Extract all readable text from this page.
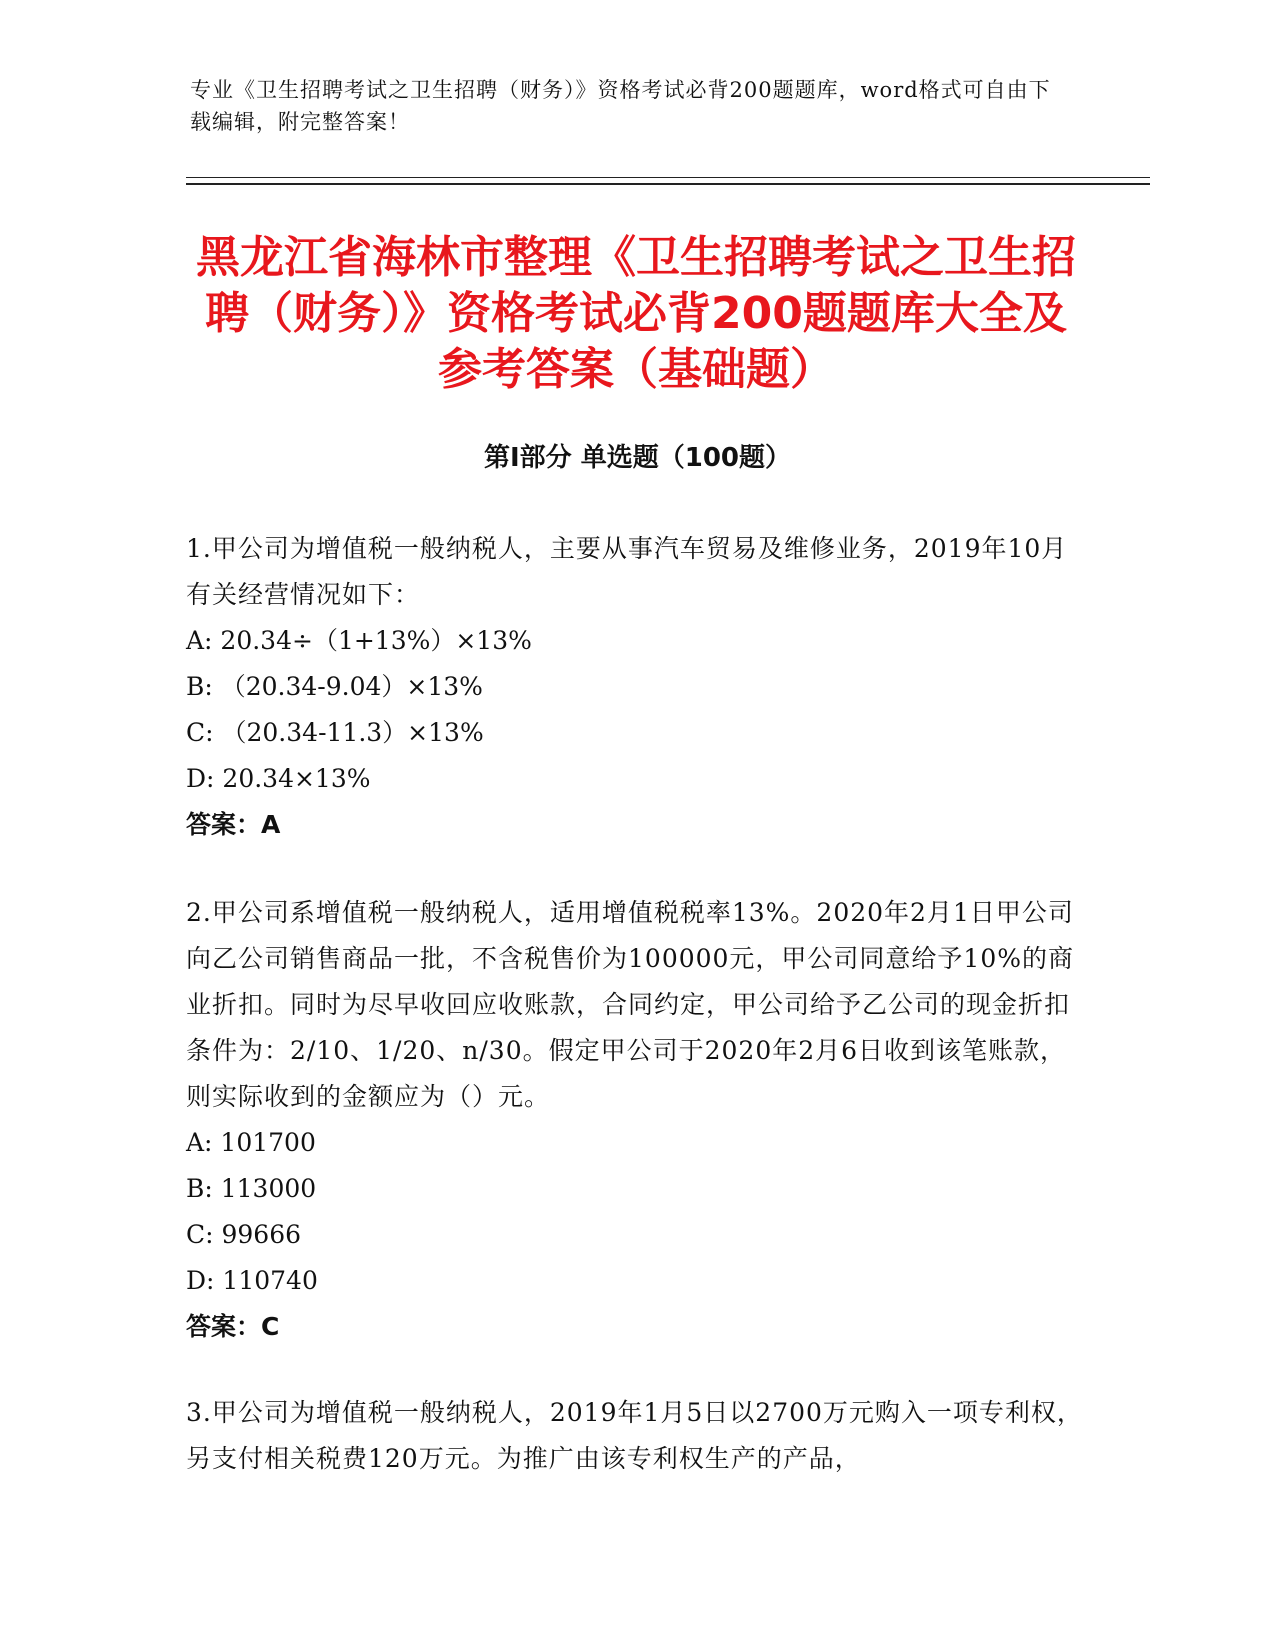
专业《卫生招聘考试之卫生招聘（财务）》资格考试必背200题题库，word格式可自由下载编辑，附完整答案！
黑龙江省海林市整理《卫生招聘考试之卫生招聘（财务）》资格考试必背200题题库大全及参考答案（基础题）
第I部分 单选题（100题）

1.甲公司为增值税一般纳税人，主要从事汽车贸易及维修业务，2019年10月有关经营情况如下：

A: 20.34÷（1+13%）×13%

B: （20.34-9.04）×13%

C: （20.34-11.3）×13%

D: 20.34×13%

答案：A

2.甲公司系增值税一般纳税人，适用增值税税率13%。2020年2月1日甲公司向乙公司销售商品一批，不含税售价为100000元，甲公司同意给予10%的商业折扣。同时为尽早收回应收账款，合同约定，甲公司给予乙公司的现金折扣条件为：2/10、1/20、n/30。假定甲公司于2020年2月6日收到该笔账款，则实际收到的金额应为（）元。

A: 101700

B: 113000

C: 99666

D: 110740

答案：C

3.甲公司为增值税一般纳税人，2019年1月5日以2700万元购入一项专利权，另支付相关税费120万元。为推广由该专利权生产的产品，
